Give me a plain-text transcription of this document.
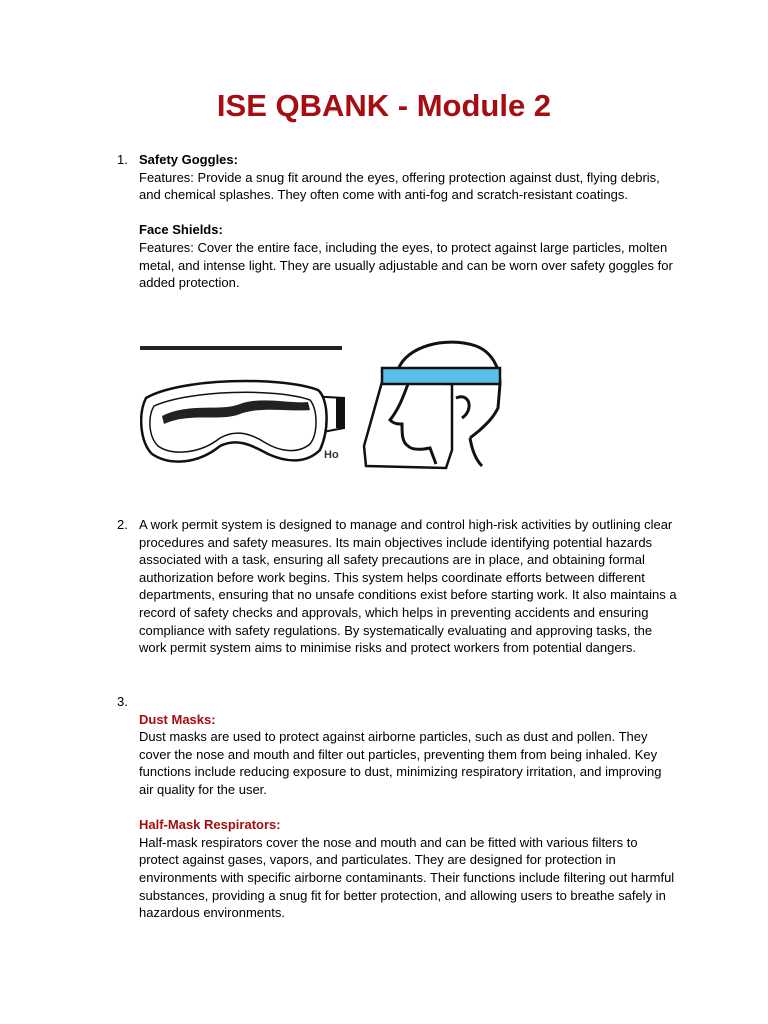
ISE QBANK - Module 2
1. Safety Goggles:

Features: Provide a snug fit around the eyes, offering protection against dust, flying debris, and chemical splashes. They often come with anti-fog and scratch-resistant coatings.

Face Shields:

Features: Cover the entire face, including the eyes, to protect against large particles, molten metal, and intense light. They are usually adjustable and can be worn over safety goggles for added protection.

Ho
2. A work permit system is designed to manage and control high-risk activities by outlining clear procedures and safety measures. Its main objectives include identifying potential hazards associated with a task, ensuring all safety precautions are in place, and obtaining formal authorization before work begins. This system helps coordinate efforts between different departments, ensuring that no unsafe conditions exist before starting work. It also maintains a record of safety checks and approvals, which helps in preventing accidents and ensuring compliance with safety regulations. By systematically evaluating and approving tasks, the work permit system aims to minimise risks and protect workers from potential dangers.

3.

Dust Masks:

Dust masks are used to protect against airborne particles, such as dust and pollen. They cover the nose and mouth and filter out particles, preventing them from being inhaled. Key functions include reducing exposure to dust, minimizing respiratory irritation, and improving air quality for the user.

Half-Mask Respirators:

Half-mask respirators cover the nose and mouth and can be fitted with various filters to protect against gases, vapors, and particulates. They are designed for protection in environments with specific airborne contaminants. Their functions include filtering out harmful substances, providing a snug fit for better protection, and allowing users to breathe safely in hazardous environments.
